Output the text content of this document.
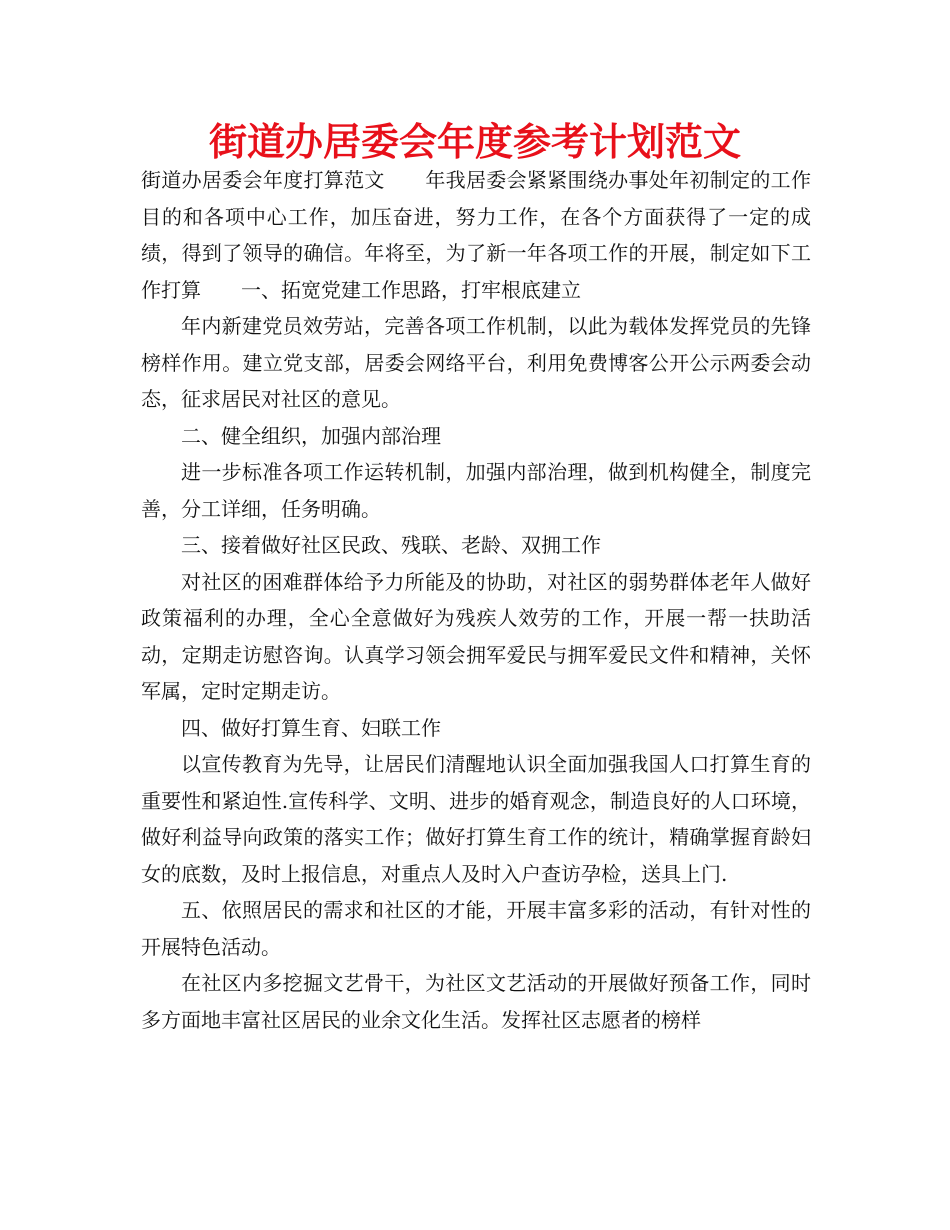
街道办居委会年度参考计划范文

街道办居委会年度打算范文　　年我居委会紧紧围绕办事处年初制定的工作目的和各项中心工作，加压奋进，努力工作，在各个方面获得了一定的成绩，得到了领导的确信。年将至，为了新一年各项工作的开展，制定如下工作打算　　一、拓宽党建工作思路，打牢根底建立

年内新建党员效劳站，完善各项工作机制，以此为载体发挥党员的先锋榜样作用。建立党支部，居委会网络平台，利用免费博客公开公示两委会动态，征求居民对社区的意见。

二、健全组织，加强内部治理

进一步标准各项工作运转机制，加强内部治理，做到机构健全，制度完善，分工详细，任务明确。

三、接着做好社区民政、残联、老龄、双拥工作

对社区的困难群体给予力所能及的协助，对社区的弱势群体老年人做好政策福利的办理，全心全意做好为残疾人效劳的工作，开展一帮一扶助活动，定期走访慰咨询。认真学习领会拥军爱民与拥军爱民文件和精神，关怀军属，定时定期走访。

四、做好打算生育、妇联工作

以宣传教育为先导，让居民们清醒地认识全面加强我国人口打算生育的重要性和紧迫性.宣传科学、文明、进步的婚育观念，制造良好的人口环境，做好利益导向政策的落实工作；做好打算生育工作的统计，精确掌握育龄妇女的底数，及时上报信息，对重点人及时入户查访孕检，送具上门.

五、依照居民的需求和社区的才能，开展丰富多彩的活动，有针对性的开展特色活动。

在社区内多挖掘文艺骨干，为社区文艺活动的开展做好预备工作，同时多方面地丰富社区居民的业余文化生活。发挥社区志愿者的榜样
